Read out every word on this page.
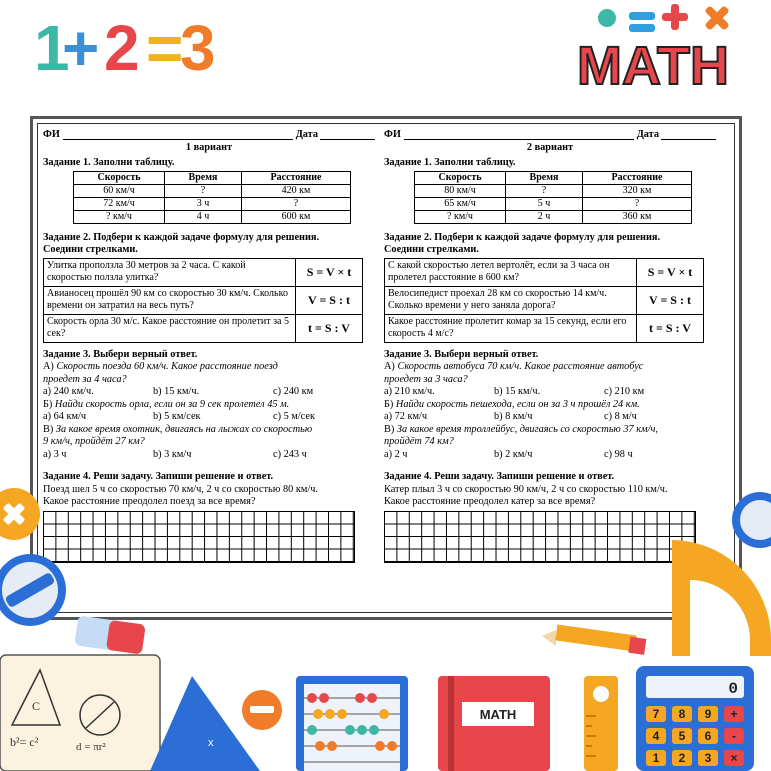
1
+ 2 =
3	MATH
ФИ	Дата
1 вариант
Задание 1. Заполни таблицу.
Скорость	Время	Расстояние
60 км/ч	?	420 км
72 км/ч	3 ч	?
? км/ч	4 ч	600 км
Задание 2. Подбери к каждой задаче формулу для решения.
Соедини стрелками.
Улитка проползла 30 метров за 2 часа. С какой скоростью ползла улитка?	S = V × t
Авианосец прошёл 90 км со скоростью 30 км/ч. Сколько времени он затратил на весь путь?	V = S : t
Скорость орла 30 м/с. Какое расстояние он пролетит за 5 сек?	t = S : V
Задание 3. Выбери верный ответ.
А) Скорость поезда 60 км/ч. Какое расстояние поезд
проедет за 4 часа?
a) 240 км/ч.	b) 15 км/ч.	c) 240 км
Б) Найди скорость орла, если он за 9 сек пролетел 45 м.
a) 64 км/ч	b) 5 км/сек	c) 5 м/сек
В) За какое время охотник, двигаясь на лыжах со скоростью
9 км/ч, пройдёт 27 км?
a) 3 ч	b) 3 км/ч	c) 243 ч
Задание 4. Реши задачу. Запиши решение и ответ.
Поезд шел 5 ч со скоростью 70 км/ч, 2 ч со скоростью 80 км/ч.
Какое расстояние преодолел поезд за все время?
ФИ	Дата
2 вариант
Задание 1. Заполни таблицу.
Скорость	Время	Расстояние
80 км/ч	?	320 км
65 км/ч	5 ч	?
? км/ч	2 ч	360 км
Задание 2. Подбери к каждой задаче формулу для решения.
Соедини стрелками.
С какой скоростью летел вертолёт, если за 3 часа он пролетел расстояние в 600 км?	S = V × t
Велосипедист проехал 28 км со скоростью 14 км/ч. Сколько времени у него заняла дорога?	V = S : t
Какое расстояние пролетит комар за 15 секунд, если его скорость 4 м/с?	t = S : V
Задание 3. Выбери верный ответ.
А) Скорость автобуса 70 км/ч. Какое расстояние автобус
проедет за 3 часа?
a) 210 км/ч.	b) 15 км/ч.	c) 210 км
Б) Найди скорость пешехода, если он за 3 ч прошёл 24 км.
a) 72 км/ч	b) 8 км/ч	c) 8 м/ч
В) За какое время троллейбус, двигаясь со скоростью 37 км/ч,
пройдёт 74 км?
a) 2 ч	b) 2 км/ч	c) 98 ч
Задание 4. Реши задачу. Запиши решение и ответ.
Катер плыл 3 ч со скоростью 90 км/ч, 2 ч со скоростью 110 км/ч.
Какое расстояние преодолел катер за все время?
C
b²= c²	d = πr²	x
MATH
0
7 8 9 +
4 5 6 -
1 2 3 ×
